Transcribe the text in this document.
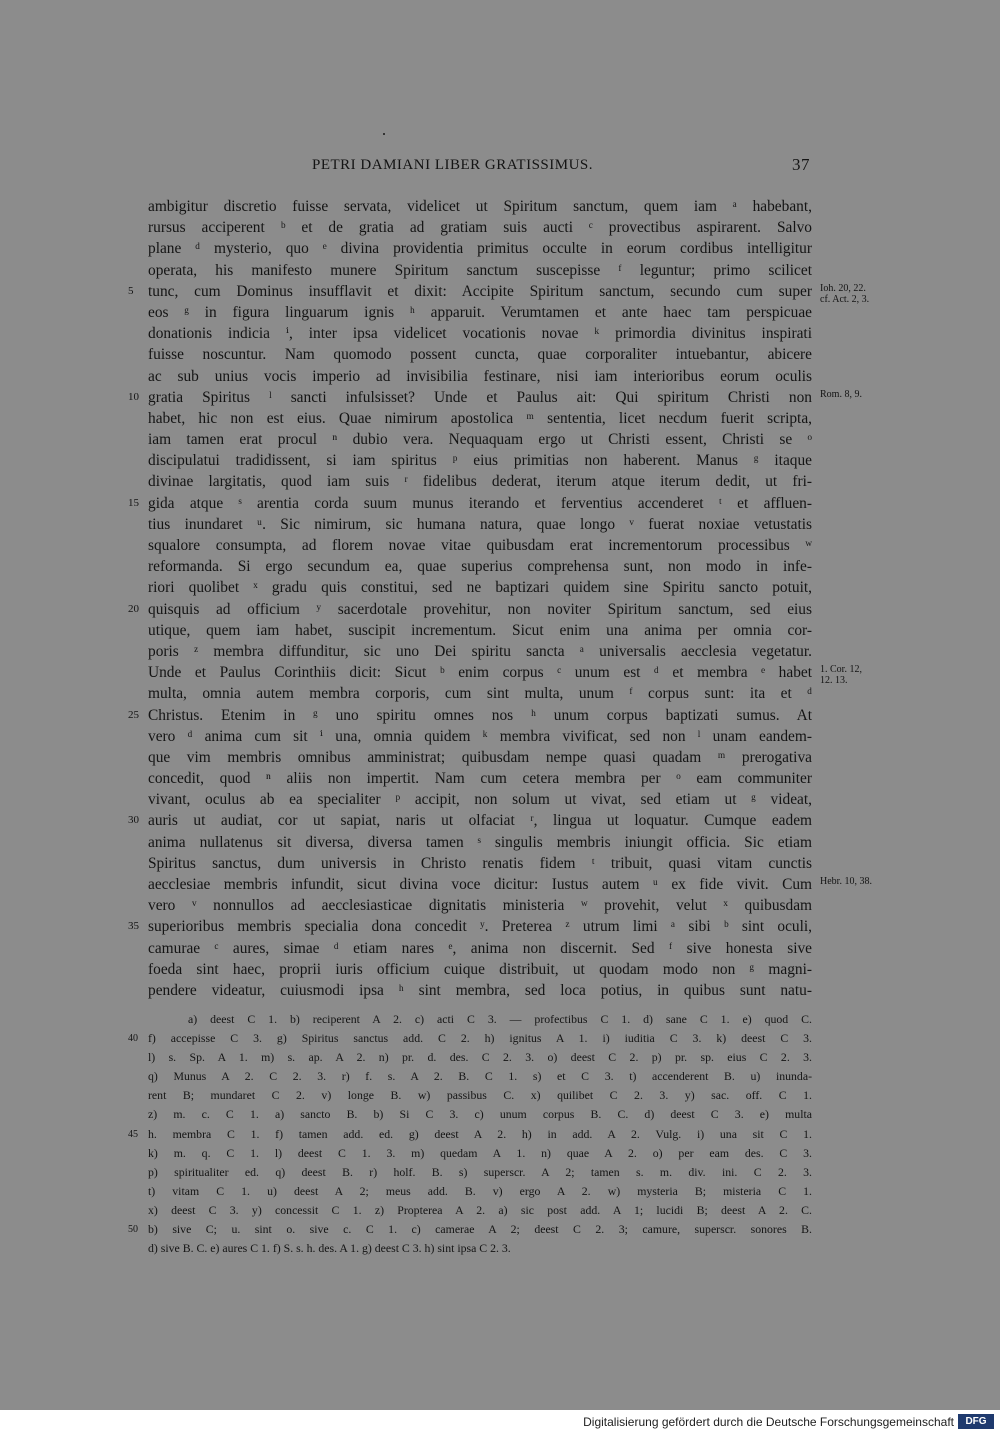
PETRI DAMIANI LIBER GRATISSIMUS.	37
ambigitur discretio fuisse servata, videlicet ut Spiritum sanctum, quem iam ᵃ habebant,
rursus acciperent ᵇ et de gratia ad gratiam suis aucti ᶜ provectibus aspirarent. Salvo
plane ᵈ mysterio, quo ᵉ divina providentia primitus occulte in eorum cordibus intelligitur
operata, his manifesto munere Spiritum sanctum suscepisse ᶠ leguntur; primo scilicet
5 tunc, cum Dominus insufflavit et dixit: Accipite Spiritum sanctum, secundo cum super Ioh. 20, 22.
cf. Act. 2, 3.
eos ᵍ in figura linguarum ignis ʰ apparuit. Verumtamen et ante haec tam perspicuae
donationis indicia ⁱ, inter ipsa videlicet vocationis novae ᵏ primordia divinitus inspirati
fuisse noscuntur. Nam quomodo possent cuncta, quae corporaliter intuebantur, abicere
ac sub unius vocis imperio ad invisibilia festinare, nisi iam interioribus eorum oculis
10 gratia Spiritus ˡ sancti infulsisset? Unde et Paulus ait: Qui spiritum Christi non Rom. 8, 9.
habet, hic non est eius. Quae nimirum apostolica ᵐ sententia, licet necdum fuerit scripta,
iam tamen erat procul ⁿ dubio vera. Nequaquam ergo ut Christi essent, Christi se ᵒ
discipulatui tradidissent, si iam spiritus ᵖ eius primitias non haberent. Manus ᵍ itaque
divinae largitatis, quod iam suis ʳ fidelibus dederat, iterum atque iterum dedit, ut fri-
15 gida atque ˢ arentia corda suum munus iterando et ferventius accenderet ᵗ et affluen-
tius inundaret ᵘ. Sic nimirum, sic humana natura, quae longo ᵛ fuerat noxiae vetustatis
squalore consumpta, ad florem novae vitae quibusdam erat incrementorum processibus ʷ
reformanda. Si ergo secundum ea, quae superius comprehensa sunt, non modo in infe-
riori quolibet ˣ gradu quis constitui, sed ne baptizari quidem sine Spiritu sancto potuit,
20 quisquis ad officium ʸ sacerdotale provehitur, non noviter Spiritum sanctum, sed eius
utique, quem iam habet, suscipit incrementum. Sicut enim una anima per omnia cor-
poris ᶻ membra diffunditur, sic uno Dei spiritu sancta ᵃ universalis aecclesia vegetatur.
Unde et Paulus Corinthiis dicit: Sicut ᵇ enim corpus ᶜ unum est ᵈ et membra ᵉ habet 1. Cor. 12,
12. 13.
multa, omnia autem membra corporis, cum sint multa, unum ᶠ corpus sunt: ita et ᵈ
25 Christus. Etenim in ᵍ uno spiritu omnes nos ʰ unum corpus baptizati sumus. At
vero ᵈ anima cum sit ⁱ una, omnia quidem ᵏ membra vivificat, sed non ˡ unam eandem-
que vim membris omnibus amministrat; quibusdam nempe quasi quadam ᵐ prerogativa
concedit, quod ⁿ aliis non impertit. Nam cum cetera membra per ᵒ eam communiter
vivant, oculus ab ea specialiter ᵖ accipit, non solum ut vivat, sed etiam ut ᵍ videat,
30 auris ut audiat, cor ut sapiat, naris ut olfaciat ʳ, lingua ut loquatur. Cumque eadem
anima nullatenus sit diversa, diversa tamen ˢ singulis membris iniungit officia. Sic etiam
Spiritus sanctus, dum universis in Christo renatis fidem ᵗ tribuit, quasi vitam cunctis
aecclesiae membris infundit, sicut divina voce dicitur: Iustus autem ᵘ ex fide vivit. Cum Hebr. 10, 38.
vero ᵛ nonnullos ad aecclesiasticae dignitatis ministeria ʷ provehit, velut ˣ quibusdam
35 superioribus membris specialia dona concedit ʸ. Preterea ᶻ utrum limi ᵃ sibi ᵇ sint oculi,
camurae ᶜ aures, simae ᵈ etiam nares ᵉ, anima non discernit. Sed ᶠ sive honesta sive
foeda sint haec, proprii iuris officium cuique distribuit, ut quodam modo non ᵍ magni-
pendere videatur, cuiusmodi ipsa ʰ sint membra, sed loca potius, in quibus sunt natu-
a) deest C 1. b) reciperent A 2. c) acti C 3. — profectibus C 1. d) sane C 1. e) quod C.
40 f) accepisse C 3. g) Spiritus sanctus add. C 2. h) ignitus A 1. i) iuditia C 3. k) deest C 3.
l) s. Sp. A 1. m) s. ap. A 2. n) pr. d. des. C 2. 3. o) deest C 2. p) pr. sp. eius C 2. 3.
q) Munus A 2. C 2. 3. r) f. s. A 2. B. C 1. s) et C 3. t) accenderent B. u) inunda-
rent B; mundaret C 2. v) longe B. w) passibus C. x) quilibet C 2. 3. y) sac. off. C 1.
z) m. c. C 1. a) sancto B. b) Si C 3. c) unum corpus B. C. d) deest C 3. e) multa
45 h. membra C 1. f) tamen add. ed. g) deest A 2. h) in add. A 2. Vulg. i) una sit C 1.
k) m. q. C 1. l) deest C 1. 3. m) quedam A 1. n) quae A 2. o) per eam des. C 3.
p) spiritualiter ed. q) deest B. r) holf. B. s) superscr. A 2; tamen s. m. div. ini. C 2. 3.
t) vitam C 1. u) deest A 2; meus add. B. v) ergo A 2. w) mysteria B; misteria C 1.
x) deest C 3. y) concessit C 1. z) Propterea A 2. a) sic post add. A 1; lucidi B; deest A 2. C.
50 b) sive C; u. sint o. sive c. C 1. c) camerae A 2; deest C 2. 3; camure, superscr. sonores B.
d) sive B. C. e) aures C 1. f) S. s. h. des. A 1. g) deest C 3. h) sint ipsa C 2. 3.
Digitalisierung gefördert durch die Deutsche Forschungsgemeinschaft	DFG
